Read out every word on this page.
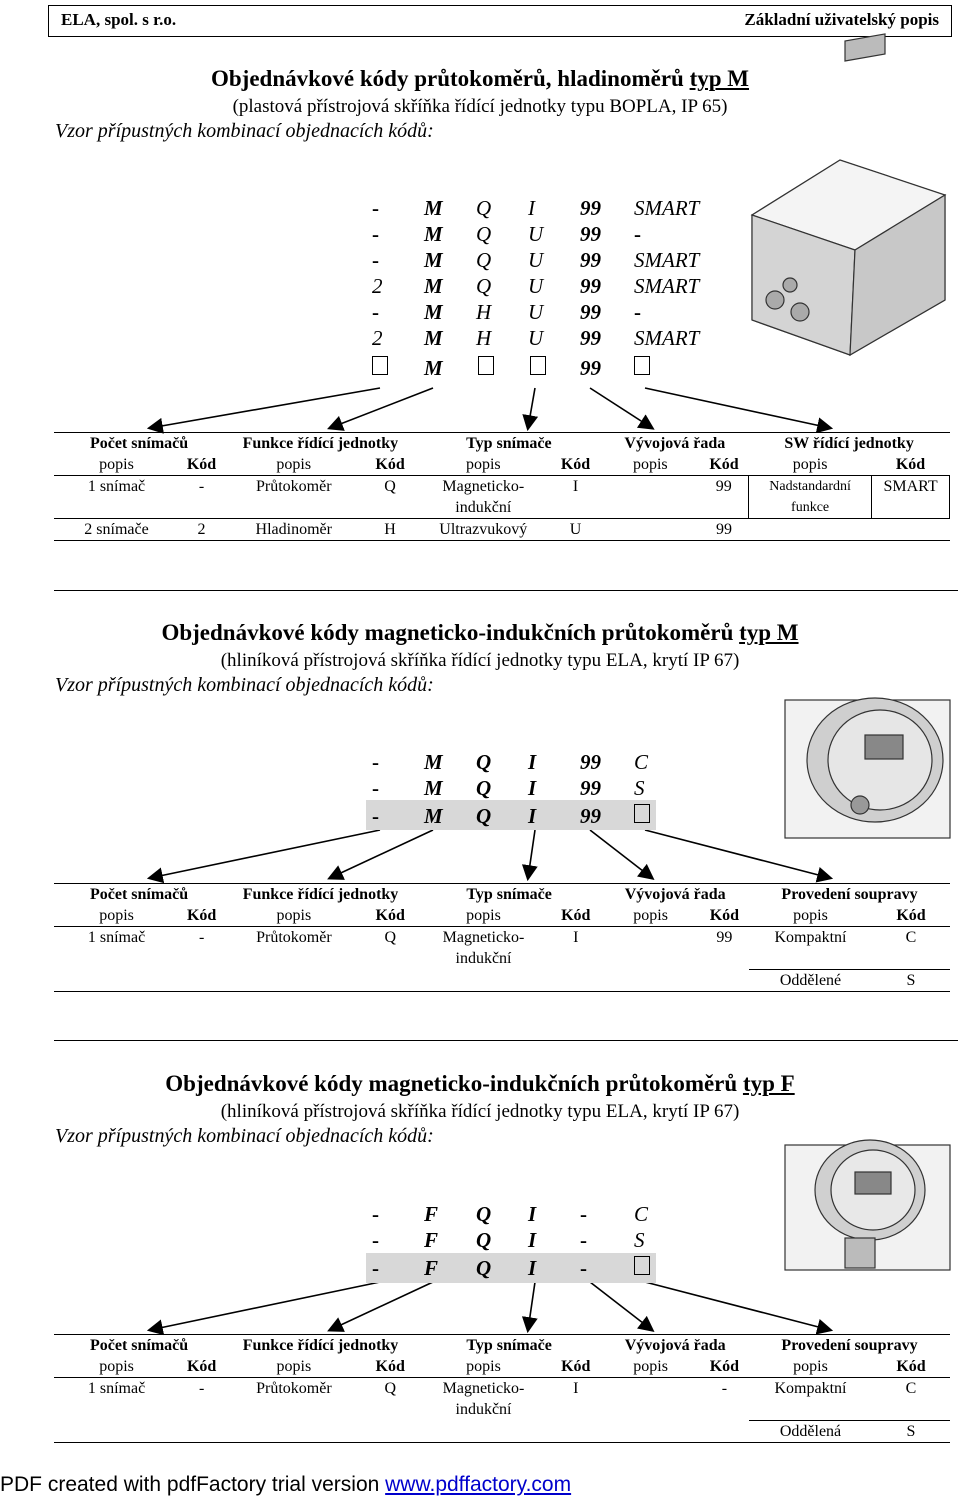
ELA, spol. s r.o.	Základní uživatelský popis
Objednávkové kódy průtokoměrů, hladinoměrů typ M
(plastová přístrojová skříňka řídící jednotky typu BOPLA, IP 65)
Vzor přípustných kombinací objednacích kódů:
- M Q I 99 SMART
- M Q U 99 -
- M Q U 99 SMART
2 M Q U 99 SMART
- M H U 99 -
2 M H U 99 SMART
M	99
Počet snímačů		Funkce řídící jednotky		Typ snímače		Vývojová řada		SW řídící jednotky	
popis	Kód	popis	Kód	popis	Kód	popis	Kód	popis	Kód
1 snímač	-	Průtokoměr	Q	Magneticko-
indukční	I		99	Nadstandardní
funkce	SMART
2 snímače	2	Hladinoměr	H	Ultrazvukový	U		99		
Objednávkové kódy magneticko-indukčních průtokoměrů typ M
(hliníková přístrojová skříňka řídící jednotky typu ELA, krytí IP 67)
Vzor přípustných kombinací objednacích kódů:
- M Q I 99 C
- M Q I 99 S
- M Q I 99
Počet snímačů		Funkce řídící jednotky		Typ snímače		Vývojová řada		Provedení soupravy	
popis	Kód	popis	Kód	popis	Kód	popis	Kód	popis	Kód
1 snímač	-	Průtokoměr	Q	Magneticko-
indukční	I		99	Kompaktní	C
								Oddělené	S
Objednávkové kódy magneticko-indukčních průtokoměrů typ F
(hliníková přístrojová skříňka řídící jednotky typu ELA, krytí IP 67)
Vzor přípustných kombinací objednacích kódů:
- F Q I - C
- F Q I - S
- F Q I -
Počet snímačů		Funkce řídící jednotky		Typ snímače		Vývojová řada		Provedení soupravy	
popis	Kód	popis	Kód	popis	Kód	popis	Kód	popis	Kód
1 snímač	-	Průtokoměr	Q	Magneticko-
indukční	I		-	Kompaktní	C
								Oddělená	S
PDF created with pdfFactory trial version www.pdffactory.com
